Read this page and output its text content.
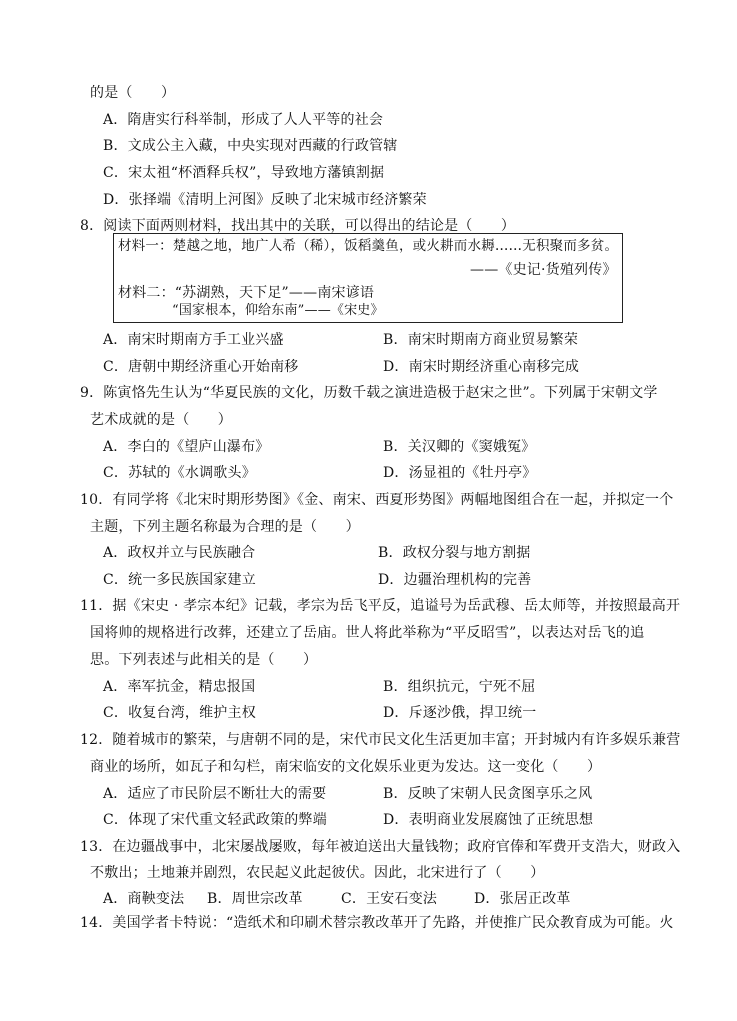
的是（　　）
A．隋唐实行科举制，形成了人人平等的社会
B．文成公主入藏，中央实现对西藏的行政管辖
C．宋太祖“杯酒释兵权”，导致地方藩镇割据
D．张择端《清明上河图》反映了北宋城市经济繁荣
8．阅读下面两则材料，找出其中的关联，可以得出的结论是（　　）
材料一：楚越之地，地广人希（稀），饭稻羹鱼，或火耕而水耨……无积聚而多贫。
——《史记·货殖列传》
材料二：“苏湖熟，天下足”——南宋谚语
“国家根本，仰给东南”——《宋史》
A．南宋时期南方手工业兴盛	B．南宋时期南方商业贸易繁荣
C．唐朝中期经济重心开始南移	D．南宋时期经济重心南移完成
9．陈寅恪先生认为“华夏民族的文化，历数千载之演进造极于赵宋之世”。下列属于宋朝文学
艺术成就的是（　　）
A．李白的《望庐山瀑布》	B．关汉卿的《窦娥冤》
C．苏轼的《水调歌头》	D．汤显祖的《牡丹亭》
10．有同学将《北宋时期形势图》《金、南宋、西夏形势图》两幅地图组合在一起，并拟定一个
主题，下列主题名称最为合理的是（　　）
A．政权并立与民族融合	B．政权分裂与地方割据
C．统一多民族国家建立	D．边疆治理机构的完善
11．据《宋史 · 孝宗本纪》记载，孝宗为岳飞平反，追谥号为岳武穆、岳太师等，并按照最高开
国将帅的规格进行改葬，还建立了岳庙。世人将此举称为“平反昭雪”，以表达对岳飞的追
思。下列表述与此相关的是（　　）
A．率军抗金，精忠报国	B．组织抗元，宁死不屈
C．收复台湾，维护主权	D．斥逐沙俄，捍卫统一
12．随着城市的繁荣，与唐朝不同的是，宋代市民文化生活更加丰富；开封城内有许多娱乐兼营
商业的场所，如瓦子和勾栏，南宋临安的文化娱乐业更为发达。这一变化（　　）
A．适应了市民阶层不断壮大的需要	B．反映了宋朝人民贪图享乐之风
C．体现了宋代重文轻武政策的弊端	D．表明商业发展腐蚀了正统思想
13．在边疆战事中，北宋屡战屡败，每年被迫送出大量钱物；政府官俸和军费开支浩大，财政入
不敷出；土地兼并剧烈，农民起义此起彼伏。因此，北宋进行了（　　）
A．商鞅变法 B．周世宗改革	C．王安石变法	D．张居正改革
14．美国学者卡特说：“造纸术和印刷术替宗教改革开了先路，并使推广民众教育成为可能。火
